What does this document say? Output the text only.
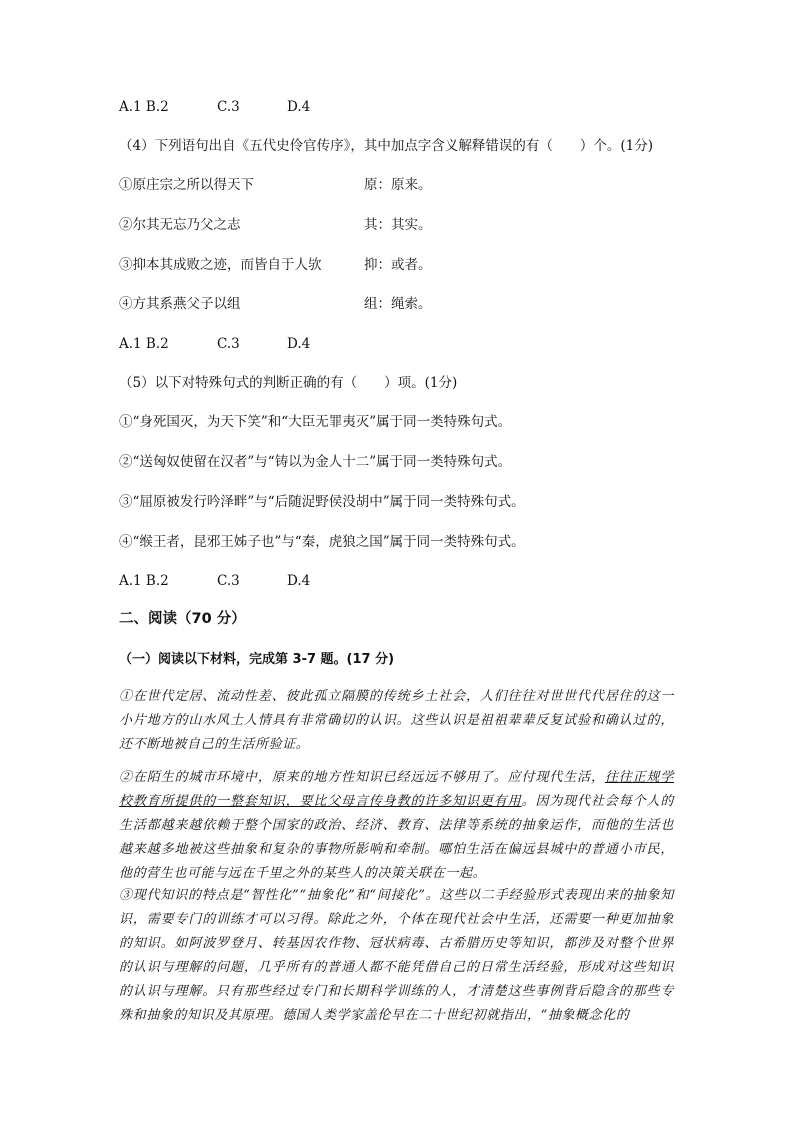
A.1 B.2	C.3	D.4
（4）下列语句出自《五代史伶官传序》，其中加点字含义解释错误的有（　　）个。(1分)
①原庄宗之所以得天下	原：原来。
②尔其无忘乃父之志	其：其实。
③抑本其成败之迹，而皆自于人欤	抑：或者。
④方其系燕父子以组	组：绳索。
A.1 B.2	C.3	D.4
（5）以下对特殊句式的判断正确的有（　　）项。(1分)
①“身死国灭，为天下笑”和“大臣无罪夷灭”属于同一类特殊句式。
②“送匈奴使留在汉者”与“铸以为金人十二”属于同一类特殊句式。
③“屈原被发行吟泽畔”与“后随浞野侯没胡中”属于同一类特殊句式。
④“缑王者，昆邪王姊子也”与“秦，虎狼之国”属于同一类特殊句式。
A.1 B.2	C.3	D.4
二、阅读（70 分）
（一）阅读以下材料，完成第 3-7 题。(17 分)
①在世代定居、流动性差、彼此孤立隔膜的传统乡土社会，人们往往对世世代代居住的这一小片地方的山水风土人情具有非常确切的认识。这些认识是祖祖辈辈反复试验和确认过的，还不断地被自己的生活所验证。
②在陌生的城市环境中，原来的地方性知识已经远远不够用了。应付现代生活，往往正规学校教育所提供的一整套知识，要比父母言传身教的许多知识更有用。因为现代社会每个人的生活都越来越依赖于整个国家的政治、经济、教育、法律等系统的抽象运作，而他的生活也越来越多地被这些抽象和复杂的事物所影响和牵制。哪怕生活在偏远县城中的普通小市民，他的营生也可能与远在千里之外的某些人的决策关联在一起。
③现代知识的特点是“智性化”“抽象化”和“间接化”。这些以二手经验形式表现出来的抽象知识，需要专门的训练才可以习得。除此之外，个体在现代社会中生活，还需要一种更加抽象的知识。如阿波罗登月、转基因农作物、冠状病毒、古希腊历史等知识，都涉及对整个世界的认识与理解的问题，几乎所有的普通人都不能凭借自己的日常生活经验，形成对这些知识的认识与理解。只有那些经过专门和长期科学训练的人，才清楚这些事例背后隐含的那些专殊和抽象的知识及其原理。德国人类学家盖伦早在二十世纪初就指出，“抽象概念化的
